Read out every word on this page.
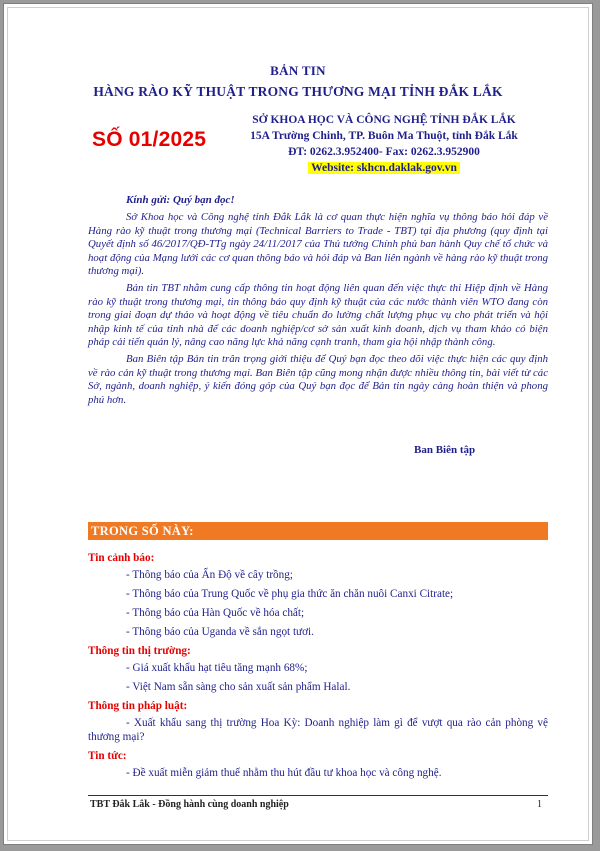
BẢN TIN
HÀNG RÀO KỸ THUẬT TRONG THƯƠNG MẠI TỈNH ĐẮK LẮK
SỐ 01/2025
SỞ KHOA HỌC VÀ CÔNG NGHỆ TỈNH ĐẮK LẮK
15A Trường Chinh, TP. Buôn Ma Thuột, tỉnh Đắk Lắk
ĐT: 0262.3.952400- Fax: 0262.3.952900
Website: skhcn.daklak.gov.vn
Kính gửi: Quý bạn đọc!

Sở Khoa học và Công nghệ tỉnh Đắk Lắk là cơ quan thực hiện nghĩa vụ thông báo hỏi đáp về Hàng rào kỹ thuật trong thương mại (Technical Barriers to Trade - TBT) tại địa phương (quy định tại Quyết định số 46/2017/QĐ-TTg ngày 24/11/2017 của Thủ tướng Chính phủ ban hành Quy chế tổ chức và hoạt động của Mạng lưới các cơ quan thông báo và hỏi đáp và Ban liên ngành về hàng rào kỹ thuật trong thương mại).

Bản tin TBT nhằm cung cấp thông tin hoạt động liên quan đến việc thực thi Hiệp định về Hàng rào kỹ thuật trong thương mại, tin thông báo quy định kỹ thuật của các nước thành viên WTO đang còn trong giai đoạn dự thảo và hoạt động về tiêu chuẩn đo lường chất lượng phục vụ cho phát triển và hội nhập kinh tế của tỉnh nhà để các doanh nghiệp/cơ sở sản xuất kinh doanh, dịch vụ tham khảo có biện pháp cải tiến quản lý, nâng cao năng lực khả năng cạnh tranh, tham gia hội nhập thành công.

Ban Biên tập Bản tin trân trọng giới thiệu để Quý bạn đọc theo dõi việc thực hiện các quy định về rào cản kỹ thuật trong thương mại. Ban Biên tập cũng mong nhận được nhiều thông tin, bài viết từ các Sở, ngành, doanh nghiệp, ý kiến đóng góp của Quý bạn đọc để Bản tin ngày càng hoàn thiện và phong phú hơn.

Ban Biên tập
TRONG SỐ NÀY:

Tin cảnh báo:

- Thông báo của Ấn Độ về cây trồng;

- Thông báo của Trung Quốc về phụ gia thức ăn chăn nuôi Canxi Citrate;

- Thông báo của Hàn Quốc về hóa chất;

- Thông báo của Uganda về sắn ngọt tươi.

Thông tin thị trường:

- Giá xuất khẩu hạt tiêu tăng mạnh 68%;

- Việt Nam sẵn sàng cho sản xuất sản phẩm Halal.

Thông tin pháp luật:

- Xuất khẩu sang thị trường Hoa Kỳ: Doanh nghiệp làm gì để vượt qua rào cản phòng vệ thương mại?

Tin tức:

- Đề xuất miễn giảm thuế nhằm thu hút đầu tư khoa học và công nghệ.

TBT Đắk Lắk - Đồng hành cùng doanh nghiệp	1
